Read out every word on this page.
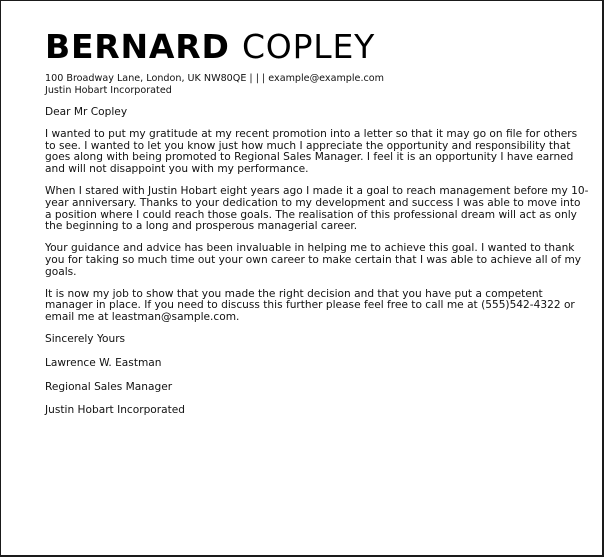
BERNARD COPLEY
100 Broadway Lane, London, UK NW80QE | | | example@example.com
Justin Hobart Incorporated

Dear Mr Copley

I wanted to put my gratitude at my recent promotion into a letter so that it may go on file for others to see. I wanted to let you know just how much I appreciate the opportunity and responsibility that goes along with being promoted to Regional Sales Manager. I feel it is an opportunity I have earned and will not disappoint you with my performance.

When I stared with Justin Hobart eight years ago I made it a goal to reach management before my 10-year anniversary. Thanks to your dedication to my development and success I was able to move into a position where I could reach those goals. The realisation of this professional dream will act as only the beginning to a long and prosperous managerial career.

Your guidance and advice has been invaluable in helping me to achieve this goal. I wanted to thank you for taking so much time out your own career to make certain that I was able to achieve all of my goals.

It is now my job to show that you made the right decision and that you have put a competent manager in place. If you need to discuss this further please feel free to call me at (555)542-4322 or email me at leastman@sample.com.

Sincerely Yours

Lawrence W. Eastman

Regional Sales Manager

Justin Hobart Incorporated
